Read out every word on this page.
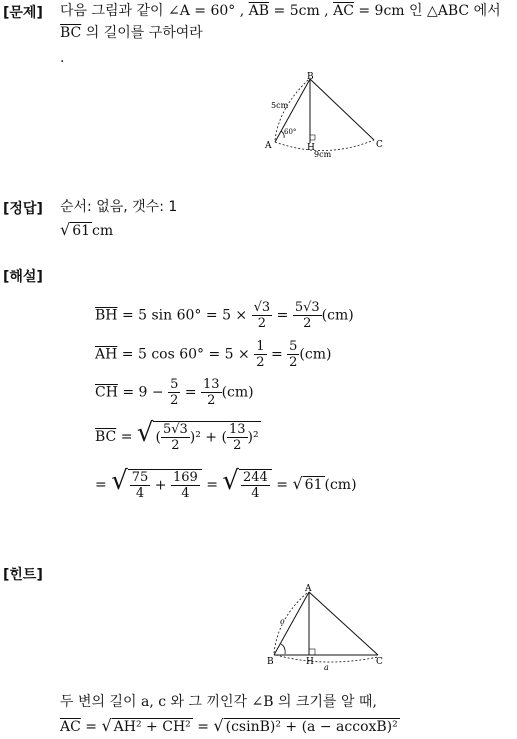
[문제] 다음 그림과 같이 ∠A = 60° , $\overline{AB} = 5cm$ , $\overline{AC} = 9cm$ 인 △ABC 에서
$\overline{BC}$ 의 길이를 구하여라
.
B
A	C
H
5cm
9cm
60°
[정답] 순서: 없음, 갯수: 1
√ 61 cm
[해설]
$\overline{BH} = 5$ $\sin 60^\circ = 5 \times \frac{√3}{2} = \frac{5√3}{2} (cm)$
$\overline{AH} = 5$ $\cos 60^\circ = 5 \times \frac{1}{2} = \frac{5}{2} (cm)$
$\overline{CH} = 9 - \frac{5}{2} = \frac{13}{2} (cm)$
$\overline{BC}$ = √ ( $\frac{5√3}{2} )^2$ + ( $\frac{13}{2} )^2$
= √ $\frac{75}{4} + \frac{169}{4}$ = √ $\frac{244}{4}$ = √ 61 (cm)
[힌트]
A
B	C
H
c
a
두 변의 길이 a, c 와 그 끼인각 ∠B 의 크기를 알 때,
$\overline{AC}$ = √ AH² + CH² = √ (csinB)² + (a − accoxB)²
